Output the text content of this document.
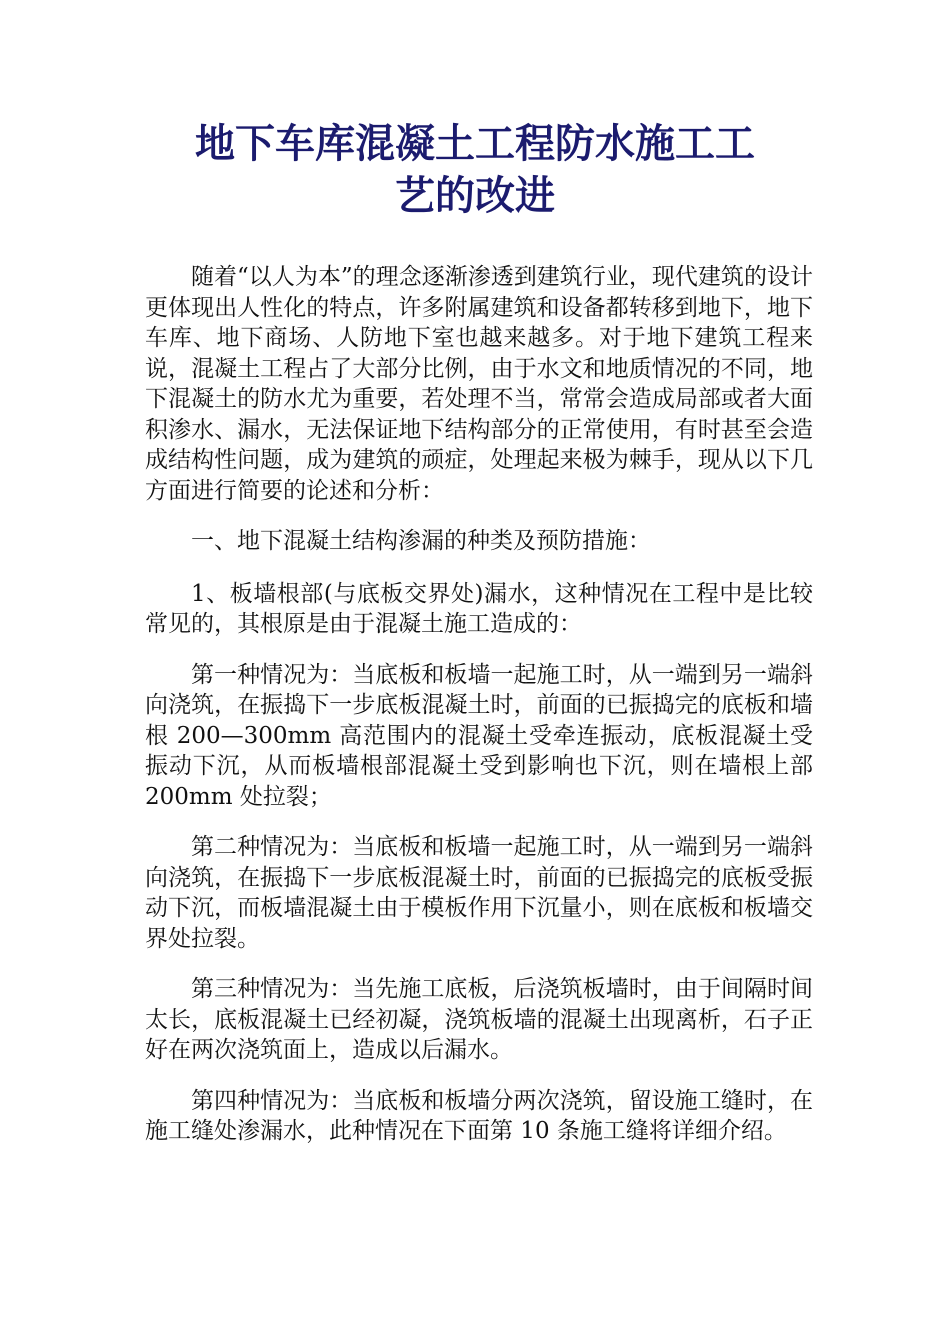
地下车库混凝土工程防水施工工
艺的改进

随着“以人为本”的理念逐渐渗透到建筑行业，现代建筑的设计更体现出人性化的特点，许多附属建筑和设备都转移到地下，地下车库、地下商场、人防地下室也越来越多。对于地下建筑工程来说，混凝土工程占了大部分比例，由于水文和地质情况的不同，地下混凝土的防水尤为重要，若处理不当，常常会造成局部或者大面积渗水、漏水，无法保证地下结构部分的正常使用，有时甚至会造成结构性问题，成为建筑的顽症，处理起来极为棘手，现从以下几方面进行简要的论述和分析：

一、地下混凝土结构渗漏的种类及预防措施：

1、板墙根部(与底板交界处)漏水，这种情况在工程中是比较常见的，其根原是由于混凝土施工造成的：

第一种情况为：当底板和板墙一起施工时，从一端到另一端斜向浇筑，在振捣下一步底板混凝土时，前面的已振捣完的底板和墙根 200—300mm 高范围内的混凝土受牵连振动，底板混凝土受振动下沉，从而板墙根部混凝土受到影响也下沉，则在墙根上部 200mm 处拉裂；

第二种情况为：当底板和板墙一起施工时，从一端到另一端斜向浇筑，在振捣下一步底板混凝土时，前面的已振捣完的底板受振动下沉，而板墙混凝土由于模板作用下沉量小，则在底板和板墙交界处拉裂。

第三种情况为：当先施工底板，后浇筑板墙时，由于间隔时间太长，底板混凝土已经初凝，浇筑板墙的混凝土出现离析，石子正好在两次浇筑面上，造成以后漏水。

第四种情况为：当底板和板墙分两次浇筑，留设施工缝时，在施工缝处渗漏水，此种情况在下面第 10 条施工缝将详细介绍。
